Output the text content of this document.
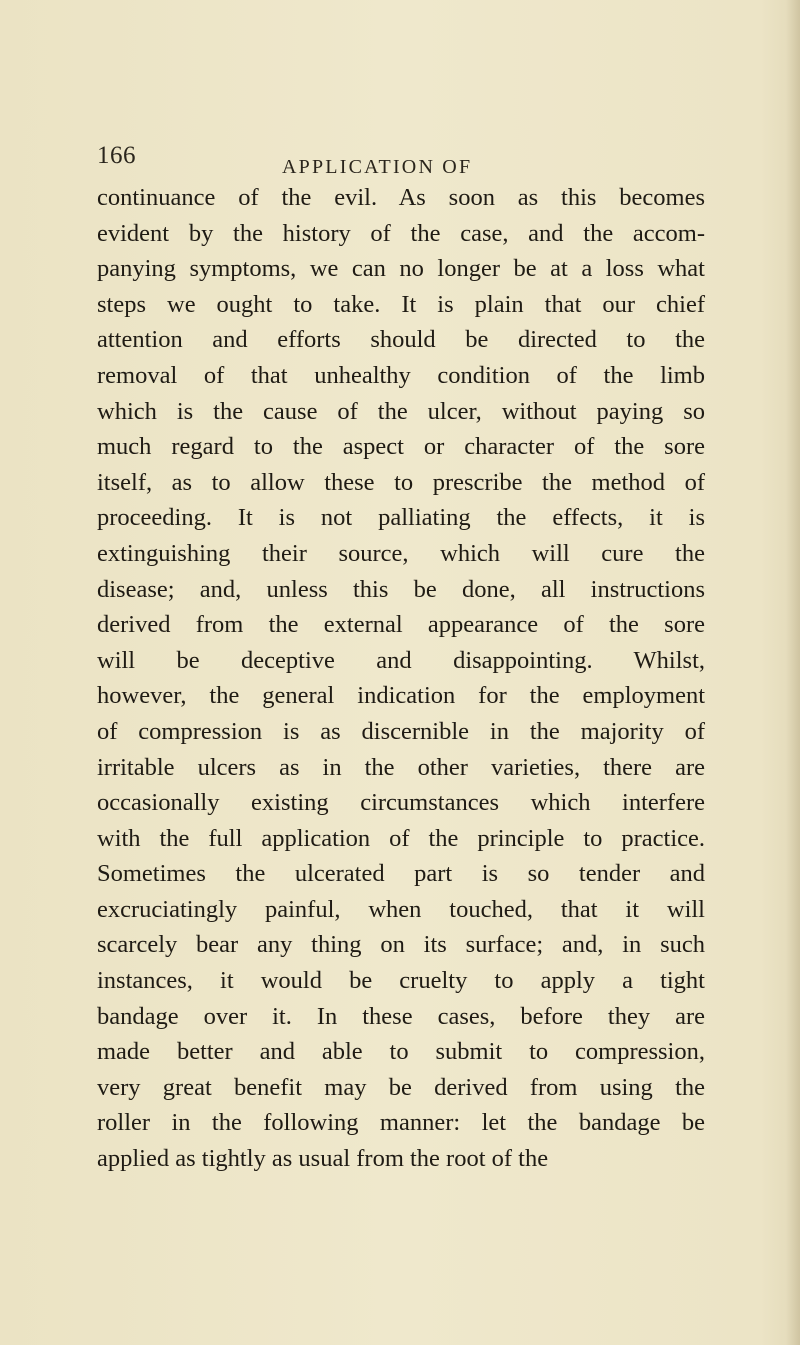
166	APPLICATION OF
continuance of the evil. As soon as this becomes
evident by the history of the case, and the accom-
panying symptoms, we can no longer be at a loss what
steps we ought to take. It is plain that our chief
attention and efforts should be directed to the
removal of that unhealthy condition of the limb
which is the cause of the ulcer, without paying so
much regard to the aspect or character of the sore
itself, as to allow these to prescribe the method of
proceeding. It is not palliating the effects, it is
extinguishing their source, which will cure the
disease; and, unless this be done, all instructions
derived from the external appearance of the sore
will be deceptive and disappointing. Whilst,
however, the general indication for the employment
of compression is as discernible in the majority of
irritable ulcers as in the other varieties, there are
occasionally existing circumstances which interfere
with the full application of the principle to practice.
Sometimes the ulcerated part is so tender and
excruciatingly painful, when touched, that it will
scarcely bear any thing on its surface; and, in such
instances, it would be cruelty to apply a tight
bandage over it. In these cases, before they are
made better and able to submit to compression,
very great benefit may be derived from using the
roller in the following manner: let the bandage be
applied as tightly as usual from the root of the
